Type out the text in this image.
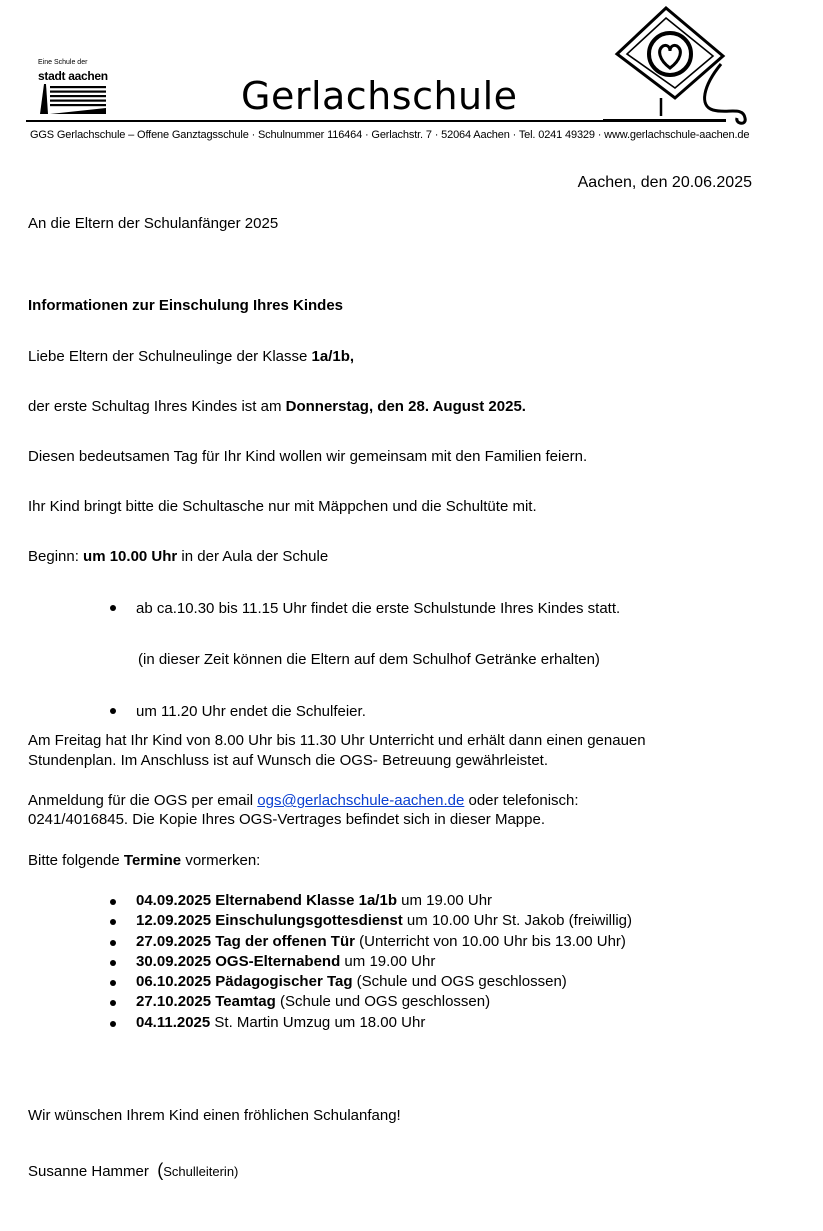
Eine Schule der
stadt aachen	Gerlachschule
GGS Gerlachschule – Offene Ganztagsschule · Schulnummer 116464 · Gerlachstr. 7 · 52064 Aachen · Tel. 0241 49329 · www.gerlachschule-aachen.de
Aachen, den 20.06.2025
An die Eltern der Schulanfänger 2025
Informationen zur Einschulung Ihres Kindes
Liebe Eltern der Schulneulinge der Klasse 1a/1b,
der erste Schultag Ihres Kindes ist am Donnerstag, den 28. August 2025.
Diesen bedeutsamen Tag für Ihr Kind wollen wir gemeinsam mit den Familien feiern.
Ihr Kind bringt bitte die Schultasche nur mit Mäppchen und die Schultüte mit.
Beginn: um 10.00 Uhr in der Aula der Schule
ab ca.10.30 bis 11.15 Uhr findet die erste Schulstunde Ihres Kindes statt.
(in dieser Zeit können die Eltern auf dem Schulhof Getränke erhalten)
um 11.20 Uhr endet die Schulfeier.
Am Freitag hat Ihr Kind von 8.00 Uhr bis 11.30 Uhr Unterricht und erhält dann einen genauen
Stundenplan. Im Anschluss ist auf Wunsch die OGS- Betreuung gewährleistet.
Anmeldung für die OGS per email ogs@gerlachschule-aachen.de oder telefonisch:
0241/4016845. Die Kopie Ihres OGS-Vertrages befindet sich in dieser Mappe.
Bitte folgende Termine vormerken:
04.09.2025 Elternabend Klasse 1a/1b um 19.00 Uhr
12.09.2025 Einschulungsgottesdienst um 10.00 Uhr St. Jakob (freiwillig)
27.09.2025 Tag der offenen Tür (Unterricht von 10.00 Uhr bis 13.00 Uhr)
30.09.2025 OGS-Elternabend um 19.00 Uhr
06.10.2025 Pädagogischer Tag (Schule und OGS geschlossen)
27.10.2025 Teamtag (Schule und OGS geschlossen)
04.11.2025 St. Martin Umzug um 18.00 Uhr
Wir wünschen Ihrem Kind einen fröhlichen Schulanfang!
Susanne Hammer (Schulleiterin)
